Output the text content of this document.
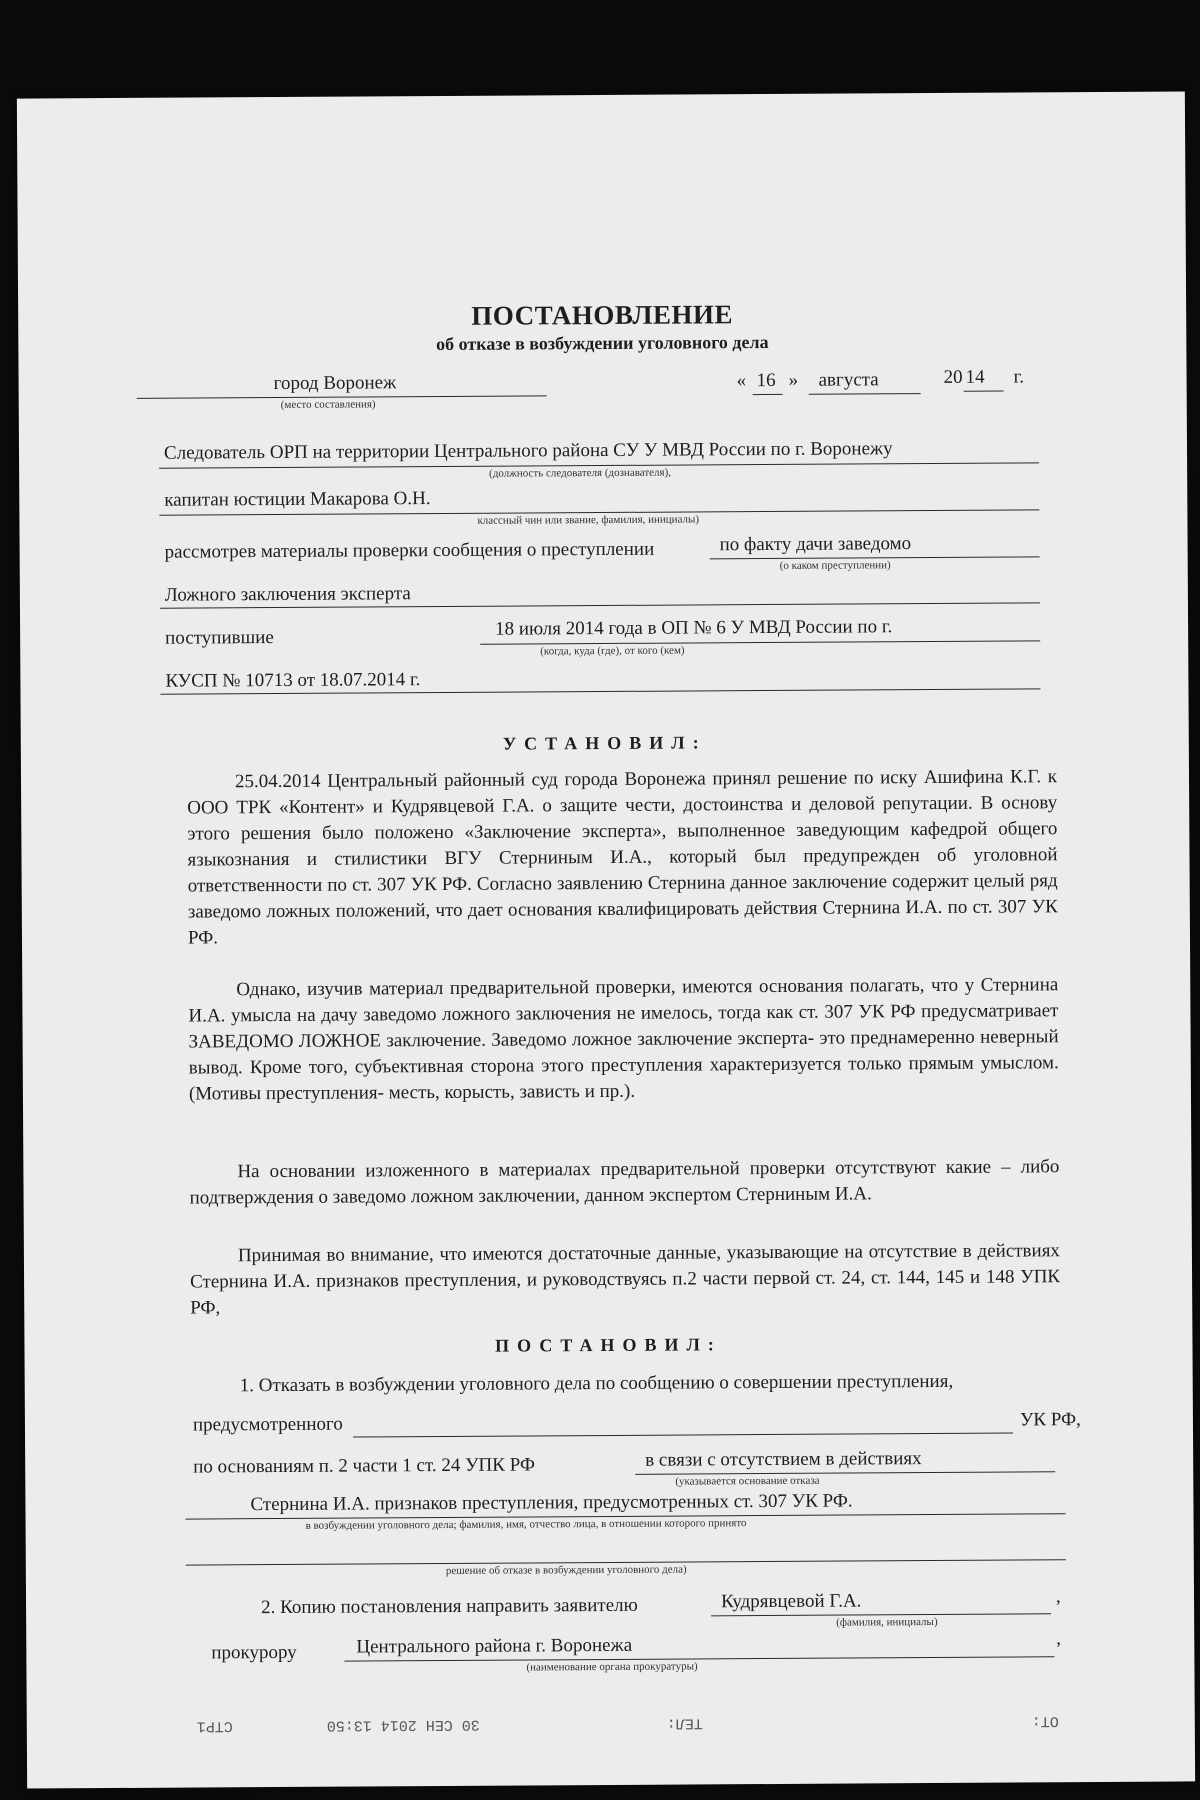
ПОСТАНОВЛЕНИЕ
об отказе в возбуждении уголовного дела
город Воронеж
(место составления)
« 16 » августа	20 14 г.
Следователь ОРП на территории Центрального района СУ У МВД России по г. Воронежу
(должность следователя (дознавателя),
капитан юстиции Макарова О.Н.
классный чин или звание, фамилия, инициалы)
рассмотрев материалы проверки сообщения о преступлении	по факту дачи заведомо
(о каком преступлении)
Ложного заключения эксперта
поступившие	18 июля 2014 года в ОП № 6 У МВД России по г.
(когда, куда (где), от кого (кем)
КУСП № 10713 от 18.07.2014 г.
УСТАНОВИЛ:
25.04.2014 Центральный районный суд города Воронежа принял решение по иску Ашифина К.Г. к ООО ТРК «Контент» и Кудрявцевой Г.А. о защите чести, достоинства и деловой репутации. В основу этого решения было положено «Заключение эксперта», выполненное заведующим кафедрой общего языкознания и стилистики ВГУ Стерниным И.А., который был предупрежден об уголовной ответственности по ст. 307 УК РФ. Согласно заявлению Стернина данное заключение содержит целый ряд заведомо ложных положений, что дает основания квалифицировать действия Стернина И.А. по ст. 307 УК РФ.
Однако, изучив материал предварительной проверки, имеются основания полагать, что у Стернина И.А. умысла на дачу заведомо ложного заключения не имелось, тогда как ст. 307 УК РФ предусматривает ЗАВЕДОМО ЛОЖНОЕ заключение. Заведомо ложное заключение эксперта- это преднамеренно неверный вывод. Кроме того, субъективная сторона этого преступления характеризуется только прямым умыслом. (Мотивы преступления- месть, корысть, зависть и пр.).
На основании изложенного в материалах предварительной проверки отсутствуют какие – либо подтверждения о заведомо ложном заключении, данном экспертом Стерниным И.А.
Принимая во внимание, что имеются достаточные данные, указывающие на отсутствие в действиях Стернина И.А. признаков преступления, и руководствуясь п.2 части первой ст. 24, ст. 144, 145 и 148 УПК РФ,
ПОСТАНОВИЛ:
1. Отказать в возбуждении уголовного дела по сообщению о совершении преступления,
предусмотренного	УК РФ,
по основаниям п. 2 части 1 ст. 24 УПК РФ	в связи с отсутствием в действиях
(указывается основание отказа
Стернина И.А. признаков преступления, предусмотренных ст. 307 УК РФ.
в возбуждении уголовного дела; фамилия, имя, отчество лица, в отношении которого принято
решение об отказе в возбуждении уголовного дела)
2. Копию постановления направить заявителю	Кудрявцевой Г.А.
(фамилия, инициалы)
,
прокурору	Центрального района г. Воронежа
(наименование органа прокуратуры)
,
30 СЕН 2014 13:50
СТР1	ТЕЛ:	ОТ:
